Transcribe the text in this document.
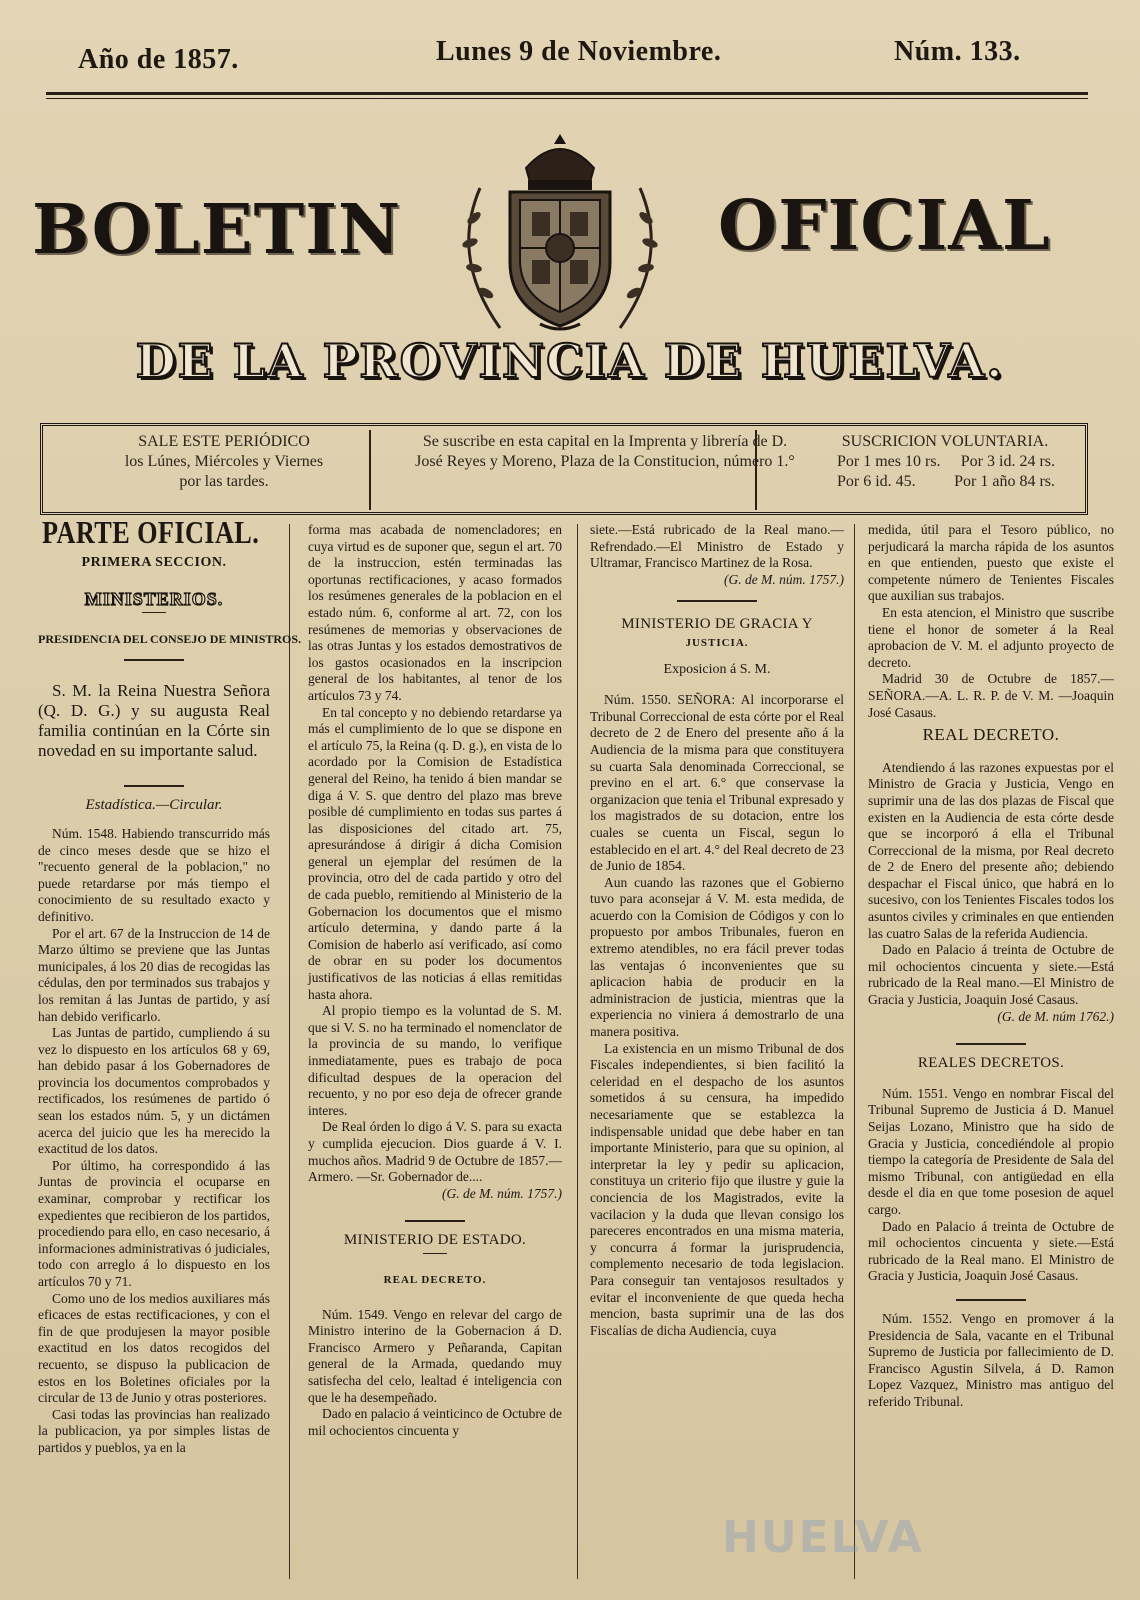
Año de 1857.	Lunes 9 de Noviembre.	Núm. 133.
BOLETIN	OFICIAL
DE LA PROVINCIA DE HUELVA.
SALE ESTE PERIÓDICO
los Lúnes, Miércoles y Viernes
por las tardes.
Se suscribe en esta capital en la Imprenta y librería de D. José Reyes y Moreno, Plaza de la Constitucion, número 1.°
SUSCRICION VOLUNTARIA.
Por 1 mes 10 rs. Por 3 id. 24 rs.
Por 6 id. 45. Por 1 año 84 rs.
PARTE OFICIAL.
PRIMERA SECCION.
MINISTERIOS.
PRESIDENCIA DEL CONSEJO DE MINISTROS.

S. M. la Reina Nuestra Señora (Q. D. G.) y su augusta Real familia continúan en la Córte sin novedad en su importante salud.

Estadística.—Circular.

Núm. 1548. Habiendo transcurrido más de cinco meses desde que se hizo el "recuento general de la poblacion," no puede retardarse por más tiempo el conocimiento de su resultado exacto y definitivo.

Por el art. 67 de la Instruccion de 14 de Marzo último se previene que las Juntas municipales, á los 20 dias de recogidas las cédulas, den por terminados sus trabajos y los remitan á las Juntas de partido, y así han debido verificarlo.

Las Juntas de partido, cumpliendo á su vez lo dispuesto en los artículos 68 y 69, han debido pasar á los Gobernadores de provincia los documentos comprobados y rectificados, los resúmenes de partido ó sean los estados núm. 5, y un dictámen acerca del juicio que les ha merecido la exactitud de los datos.

Por último, ha correspondido á las Juntas de provincia el ocuparse en examinar, comprobar y rectificar los expedientes que recibieron de los partidos, procediendo para ello, en caso necesario, á informaciones administrativas ó judiciales, todo con arreglo á lo dispuesto en los artículos 70 y 71.

Como uno de los medios auxiliares más eficaces de estas rectificaciones, y con el fin de que produjesen la mayor posible exactitud en los datos recogidos del recuento, se dispuso la publicacion de estos en los Boletines oficiales por la circular de 13 de Junio y otras posteriores.

Casi todas las provincias han realizado la publicacion, ya por simples listas de partidos y pueblos, ya en la

forma mas acabada de nomencladores; en cuya virtud es de suponer que, segun el art. 70 de la instruccion, estén terminadas las oportunas rectificaciones, y acaso formados los resúmenes generales de la poblacion en el estado núm. 6, conforme al art. 72, con los resúmenes de memorias y observaciones de las otras Juntas y los estados demostrativos de los gastos ocasionados en la inscripcion general de los habitantes, al tenor de los artículos 73 y 74.

En tal concepto y no debiendo retardarse ya más el cumplimiento de lo que se dispone en el artículo 75, la Reina (q. D. g.), en vista de lo acordado por la Comision de Estadística general del Reino, ha tenido á bien mandar se diga á V. S. que dentro del plazo mas breve posible dé cumplimiento en todas sus partes á las disposiciones del citado art. 75, apresurándose á dirigir á dicha Comision general un ejemplar del resúmen de la provincia, otro del de cada partido y otro del de cada pueblo, remitiendo al Ministerio de la Gobernacion los documentos que el mismo artículo determina, y dando parte á la Comision de haberlo así verificado, así como de obrar en su poder los documentos justificativos de las noticias á ellas remitidas hasta ahora.

Al propio tiempo es la voluntad de S. M. que si V. S. no ha terminado el nomenclator de la provincia de su mando, lo verifique inmediatamente, pues es trabajo de poca dificultad despues de la operacion del recuento, y no por eso deja de ofrecer grande interes.

De Real órden lo digo á V. S. para su exacta y cumplida ejecucion. Dios guarde á V. I. muchos años. Madrid 9 de Octubre de 1857.—Armero. —Sr. Gobernador de....

(G. de M. núm. 1757.)

MINISTERIO DE ESTADO.

REAL DECRETO.

Núm. 1549. Vengo en relevar del cargo de Ministro interino de la Gobernacion á D. Francisco Armero y Peñaranda, Capitan general de la Armada, quedando muy satisfecha del celo, lealtad é inteligencia con que le ha desempeñado.

Dado en palacio á veinticinco de Octubre de mil ochocientos cincuenta y

siete.—Está rubricado de la Real mano.—Refrendado.—El Ministro de Estado y Ultramar, Francisco Martinez de la Rosa.

(G. de M. núm. 1757.)

MINISTERIO DE GRACIA Y

JUSTICIA.

Exposicion á S. M.

Núm. 1550. SEÑORA: Al incorporarse el Tribunal Correccional de esta córte por el Real decreto de 2 de Enero del presente año á la Audiencia de la misma para que constituyera su cuarta Sala denominada Correccional, se previno en el art. 6.° que conservase la organizacion que tenia el Tribunal expresado y los magistrados de su dotacion, entre los cuales se cuenta un Fiscal, segun lo establecido en el art. 4.° del Real decreto de 23 de Junio de 1854.

Aun cuando las razones que el Gobierno tuvo para aconsejar á V. M. esta medida, de acuerdo con la Comision de Códigos y con lo propuesto por ambos Tribunales, fueron en extremo atendibles, no era fácil prever todas las ventajas ó inconvenientes que su aplicacion habia de producir en la administracion de justicia, mientras que la experiencia no viniera á demostrarlo de una manera positiva.

La existencia en un mismo Tribunal de dos Fiscales independientes, si bien facilitó la celeridad en el despacho de los asuntos sometidos á su censura, ha impedido necesariamente que se establezca la indispensable unidad que debe haber en tan importante Ministerio, para que su opinion, al interpretar la ley y pedir su aplicacion, constituya un criterio fijo que ilustre y guie la conciencia de los Magistrados, evite la vacilacion y la duda que llevan consigo los pareceres encontrados en una misma materia, y concurra á formar la jurisprudencia, complemento necesario de toda legislacion. Para conseguir tan ventajosos resultados y evitar el inconveniente de que queda hecha mencion, basta suprimir una de las dos Fiscalías de dicha Audiencia, cuya

medida, útil para el Tesoro público, no perjudicará la marcha rápida de los asuntos en que entienden, puesto que existe el competente número de Tenientes Fiscales que auxilian sus trabajos.

En esta atencion, el Ministro que suscribe tiene el honor de someter á la Real aprobacion de V. M. el adjunto proyecto de decreto.

Madrid 30 de Octubre de 1857.—SEÑORA.—A. L. R. P. de V. M. —Joaquin José Casaus.

REAL DECRETO.

Atendiendo á las razones expuestas por el Ministro de Gracia y Justicia, Vengo en suprimir una de las dos plazas de Fiscal que existen en la Audiencia de esta córte desde que se incorporó á ella el Tribunal Correccional de la misma, por Real decreto de 2 de Enero del presente año; debiendo despachar el Fiscal único, que habrá en lo sucesivo, con los Tenientes Fiscales todos los asuntos civiles y criminales en que entienden las cuatro Salas de la referida Audiencia.

Dado en Palacio á treinta de Octubre de mil ochocientos cincuenta y siete.—Está rubricado de la Real mano.—El Ministro de Gracia y Justicia, Joaquin José Casaus.

(G. de M. núm 1762.)

REALES DECRETOS.

Núm. 1551. Vengo en nombrar Fiscal del Tribunal Supremo de Justicia á D. Manuel Seijas Lozano, Ministro que ha sido de Gracia y Justicia, concediéndole al propio tiempo la categoría de Presidente de Sala del mismo Tribunal, con antigüedad en ella desde el dia en que tome posesion de aquel cargo.

Dado en Palacio á treinta de Octubre de mil ochocientos cincuenta y siete.—Está rubricado de la Real mano. El Ministro de Gracia y Justicia, Joaquin José Casaus.

Núm. 1552. Vengo en promover á la Presidencia de Sala, vacante en el Tribunal Supremo de Justicia por fallecimiento de D. Francisco Agustin Silvela, á D. Ramon Lopez Vazquez, Ministro mas antiguo del referido Tribunal.

HUELVA
